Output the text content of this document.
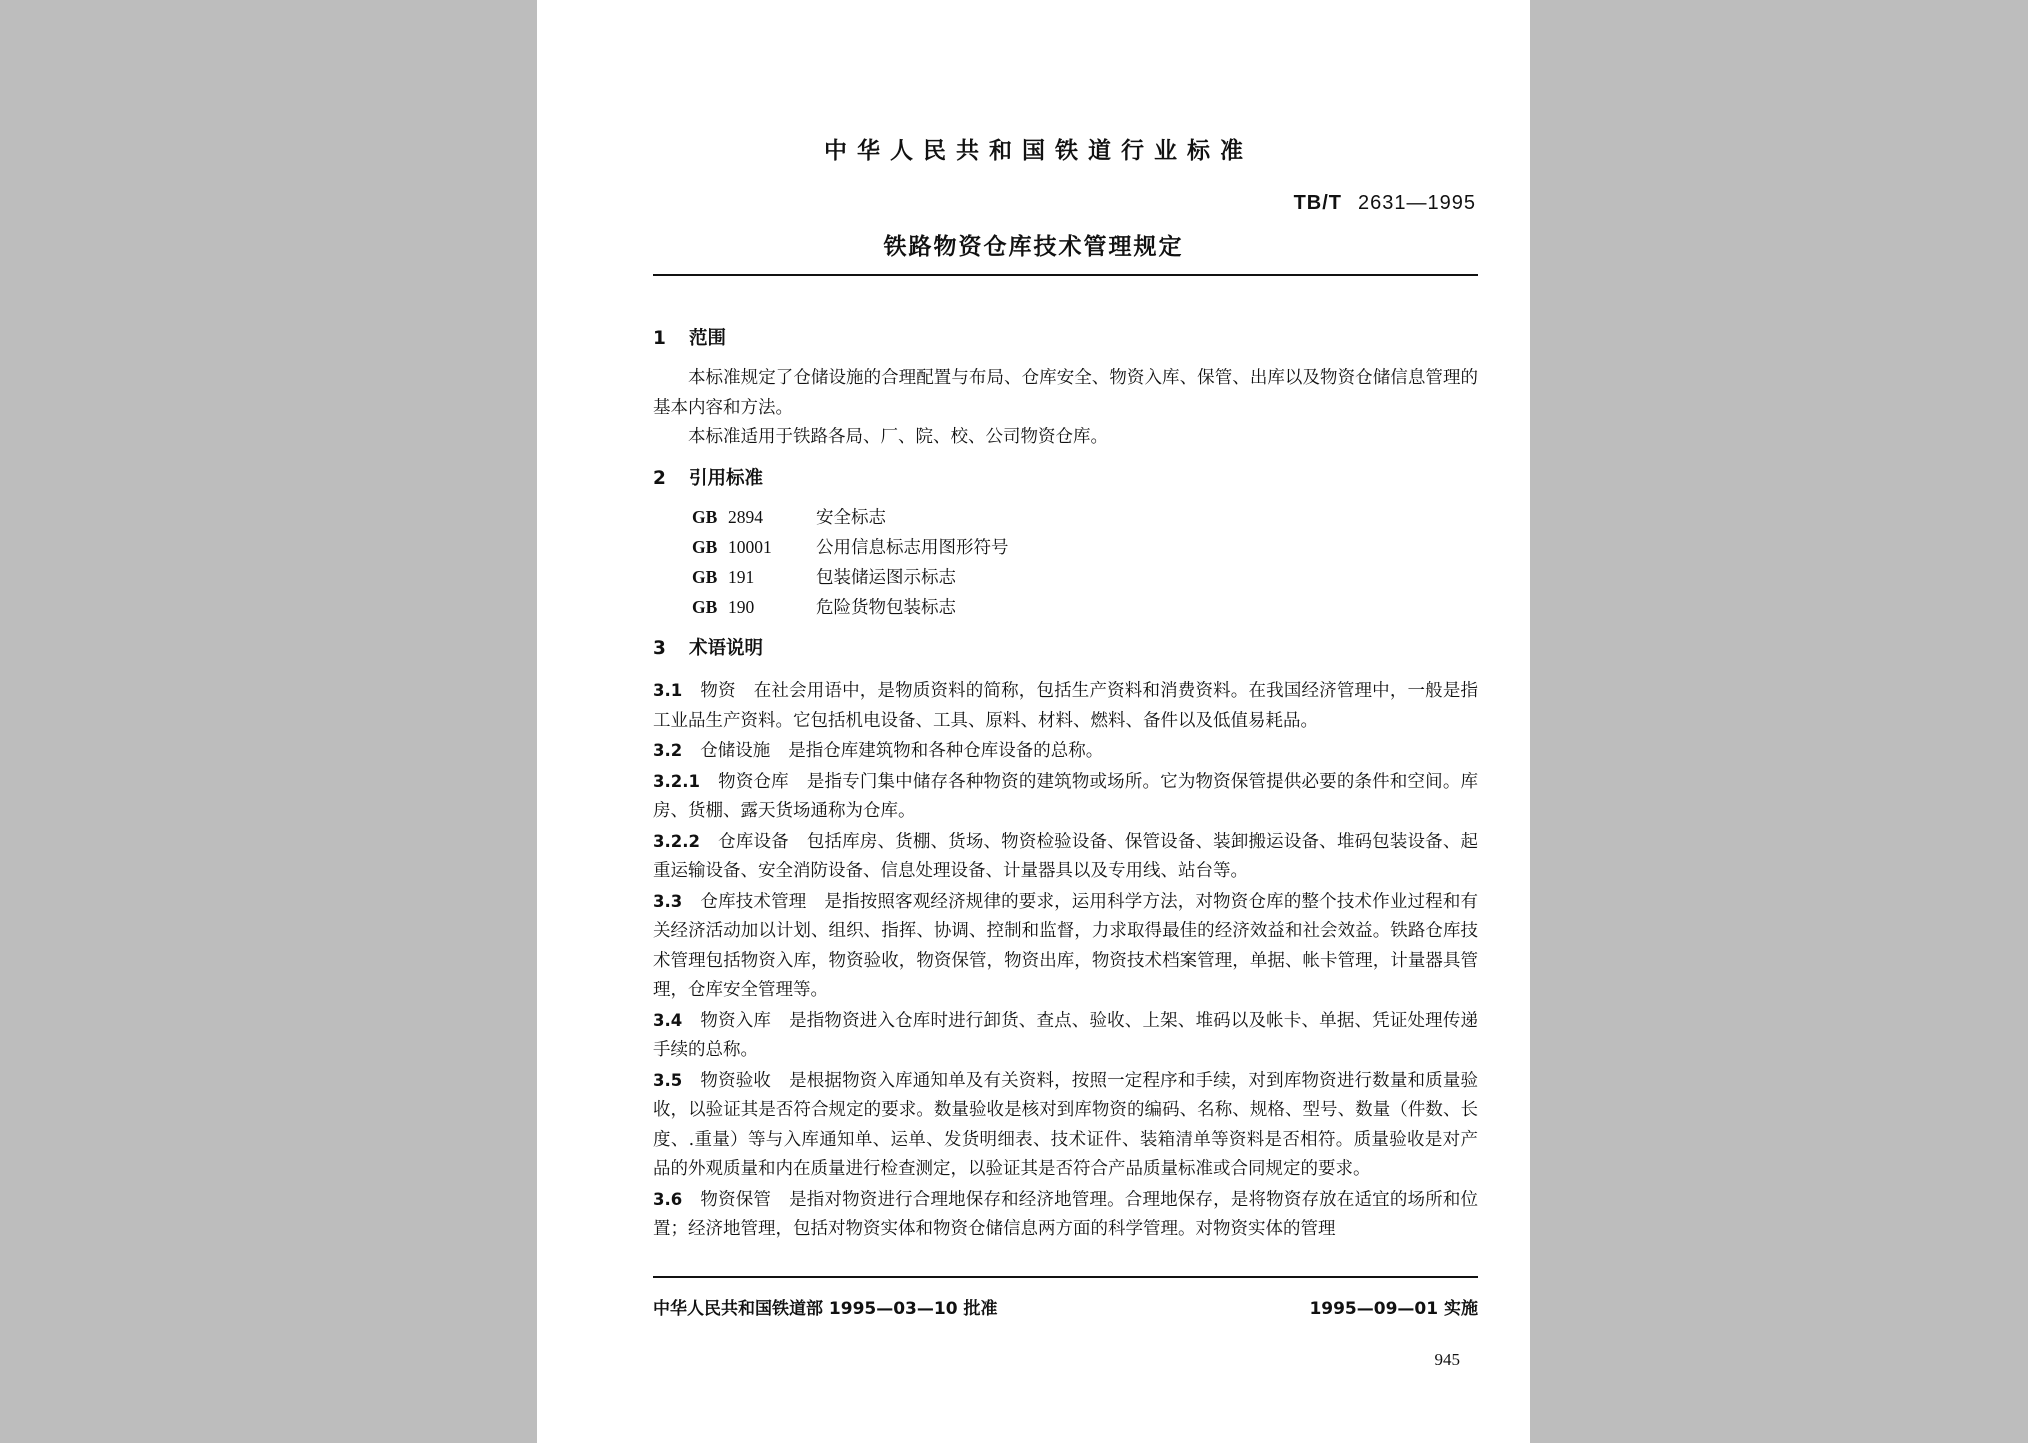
中华人民共和国铁道行业标准
TB/T 2631—1995
铁路物资仓库技术管理规定
1 范围

本标准规定了仓储设施的合理配置与布局、仓库安全、物资入库、保管、出库以及物资仓储信息管理的基本内容和方法。

本标准适用于铁路各局、厂、院、校、公司物资仓库。

2 引用标准
GB 2894	安全标志
GB 10001	公用信息标志用图形符号
GB 191	包装储运图示标志
GB 190	危险货物包装标志
3 术语说明

3.1 物资 在社会用语中，是物质资料的简称，包括生产资料和消费资料。在我国经济管理中，一般是指工业品生产资料。它包括机电设备、工具、原料、材料、燃料、备件以及低值易耗品。

3.2 仓储设施 是指仓库建筑物和各种仓库设备的总称。

3.2.1 物资仓库 是指专门集中储存各种物资的建筑物或场所。它为物资保管提供必要的条件和空间。库房、货棚、露天货场通称为仓库。

3.2.2 仓库设备 包括库房、货棚、货场、物资检验设备、保管设备、装卸搬运设备、堆码包装设备、起重运输设备、安全消防设备、信息处理设备、计量器具以及专用线、站台等。

3.3 仓库技术管理 是指按照客观经济规律的要求，运用科学方法，对物资仓库的整个技术作业过程和有关经济活动加以计划、组织、指挥、协调、控制和监督，力求取得最佳的经济效益和社会效益。铁路仓库技术管理包括物资入库，物资验收，物资保管，物资出库，物资技术档案管理，单据、帐卡管理，计量器具管理，仓库安全管理等。

3.4 物资入库 是指物资进入仓库时进行卸货、查点、验收、上架、堆码以及帐卡、单据、凭证处理传递手续的总称。

3.5 物资验收 是根据物资入库通知单及有关资料，按照一定程序和手续，对到库物资进行数量和质量验收，以验证其是否符合规定的要求。数量验收是核对到库物资的编码、名称、规格、型号、数量（件数、长度、.重量）等与入库通知单、运单、发货明细表、技术证件、装箱清单等资料是否相符。质量验收是对产品的外观质量和内在质量进行检查测定，以验证其是否符合产品质量标准或合同规定的要求。

3.6 物资保管 是指对物资进行合理地保存和经济地管理。合理地保存，是将物资存放在适宜的场所和位置；经济地管理，包括对物资实体和物资仓储信息两方面的科学管理。对物资实体的管理

中华人民共和国铁道部 1995—03—10 批准	1995—09—01 实施
945
